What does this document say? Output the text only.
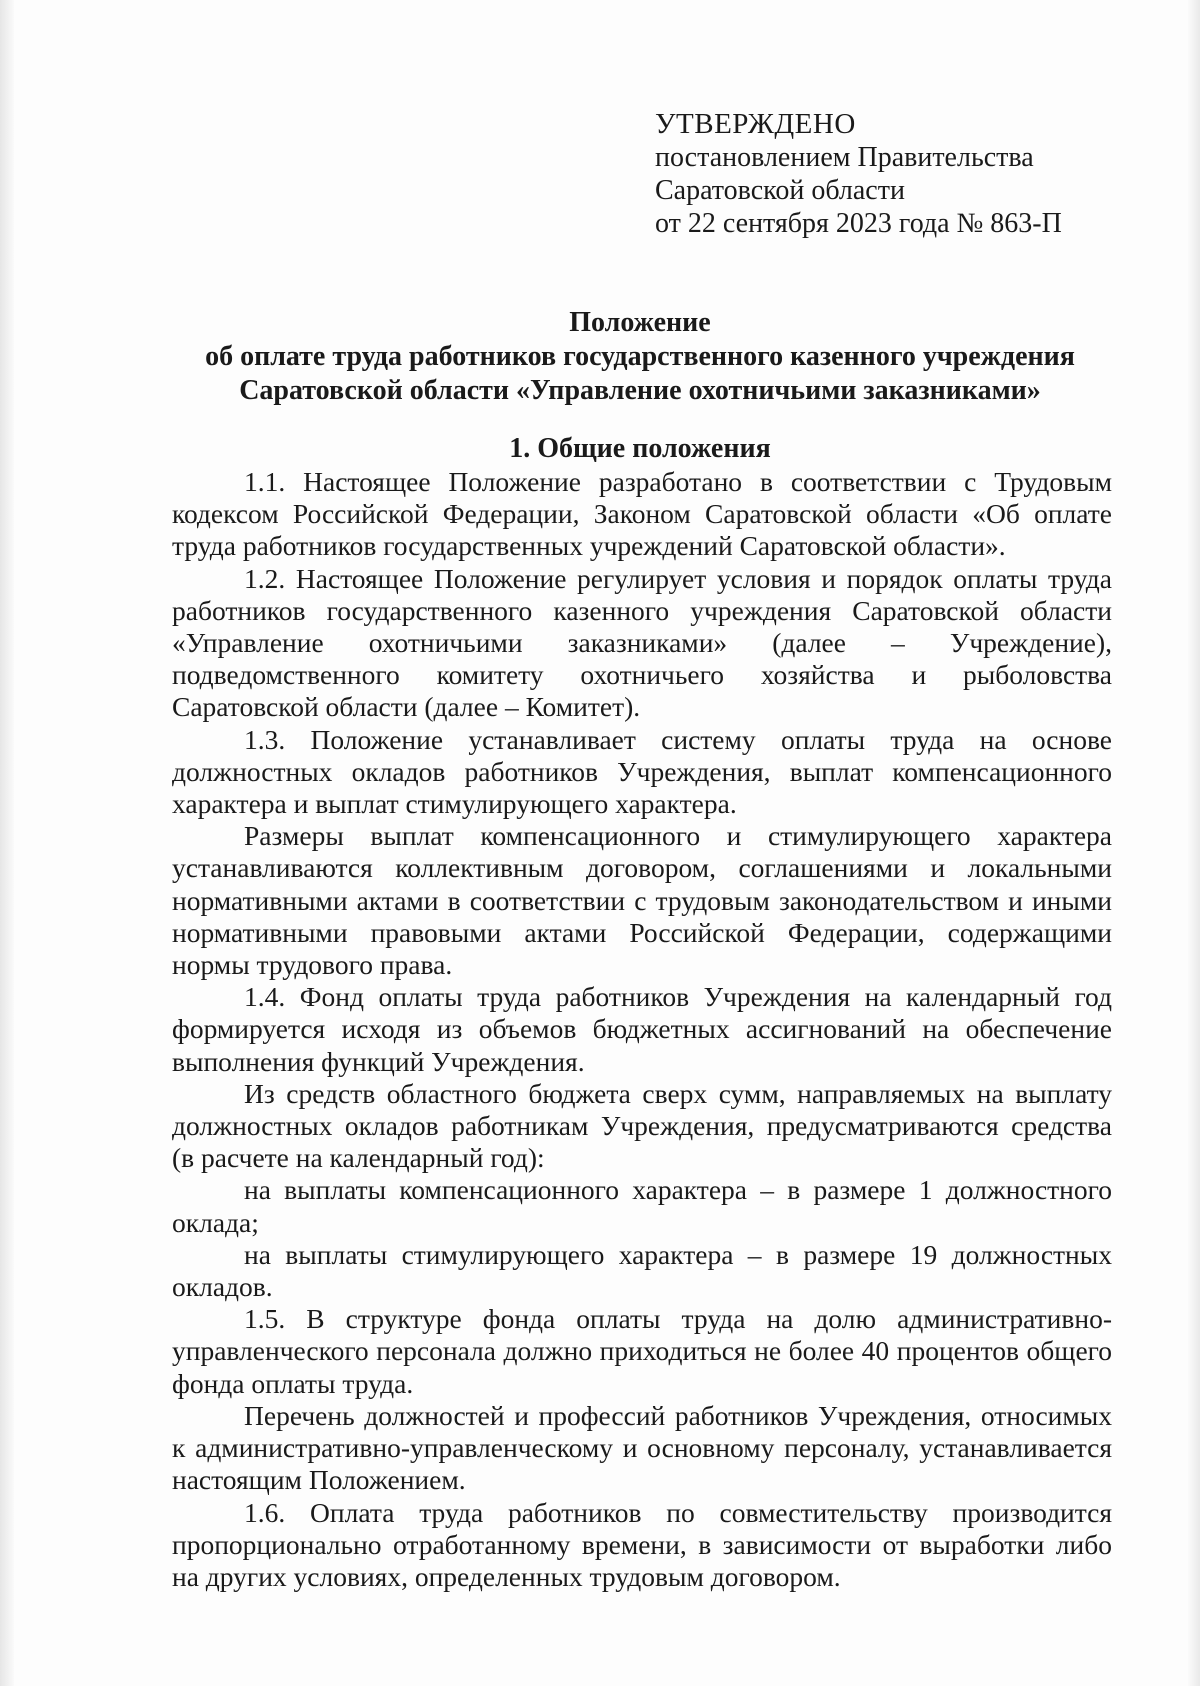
УТВЕРЖДЕНО
постановлением Правительства
Саратовской области
от 22 сентября 2023 года № 863-П
Положение
об оплате труда работников государственного казенного учреждения
Саратовской области «Управление охотничьими заказниками»
1. Общие положения

1.1. Настоящее Положение разработано в соответствии с Трудовым кодексом Российской Федерации, Законом Саратовской области «Об оплате труда работников государственных учреждений Саратовской области».

1.2. Настоящее Положение регулирует условия и порядок оплаты труда работников государственного казенного учреждения Саратовской области «Управление охотничьими заказниками» (далее – Учреждение), подведомственного комитету охотничьего хозяйства и рыболовства Саратовской области (далее – Комитет).

1.3. Положение устанавливает систему оплаты труда на основе должностных окладов работников Учреждения, выплат компенсационного характера и выплат стимулирующего характера.

Размеры выплат компенсационного и стимулирующего характера устанавливаются коллективным договором, соглашениями и локальными нормативными актами в соответствии с трудовым законодательством и иными нормативными правовыми актами Российской Федерации, содержащими нормы трудового права.

1.4. Фонд оплаты труда работников Учреждения на календарный год формируется исходя из объемов бюджетных ассигнований на обеспечение выполнения функций Учреждения.

Из средств областного бюджета сверх сумм, направляемых на выплату должностных окладов работникам Учреждения, предусматриваются средства (в расчете на календарный год):

на выплаты компенсационного характера – в размере 1 должностного оклада;

на выплаты стимулирующего характера – в размере 19 должностных окладов.

1.5. В структуре фонда оплаты труда на долю административно-управленческого персонала должно приходиться не более 40 процентов общего фонда оплаты труда.

Перечень должностей и профессий работников Учреждения, относимых к административно-управленческому и основному персоналу, устанавливается настоящим Положением.

1.6. Оплата труда работников по совместительству производится пропорционально отработанному времени, в зависимости от выработки либо на других условиях, определенных трудовым договором.
